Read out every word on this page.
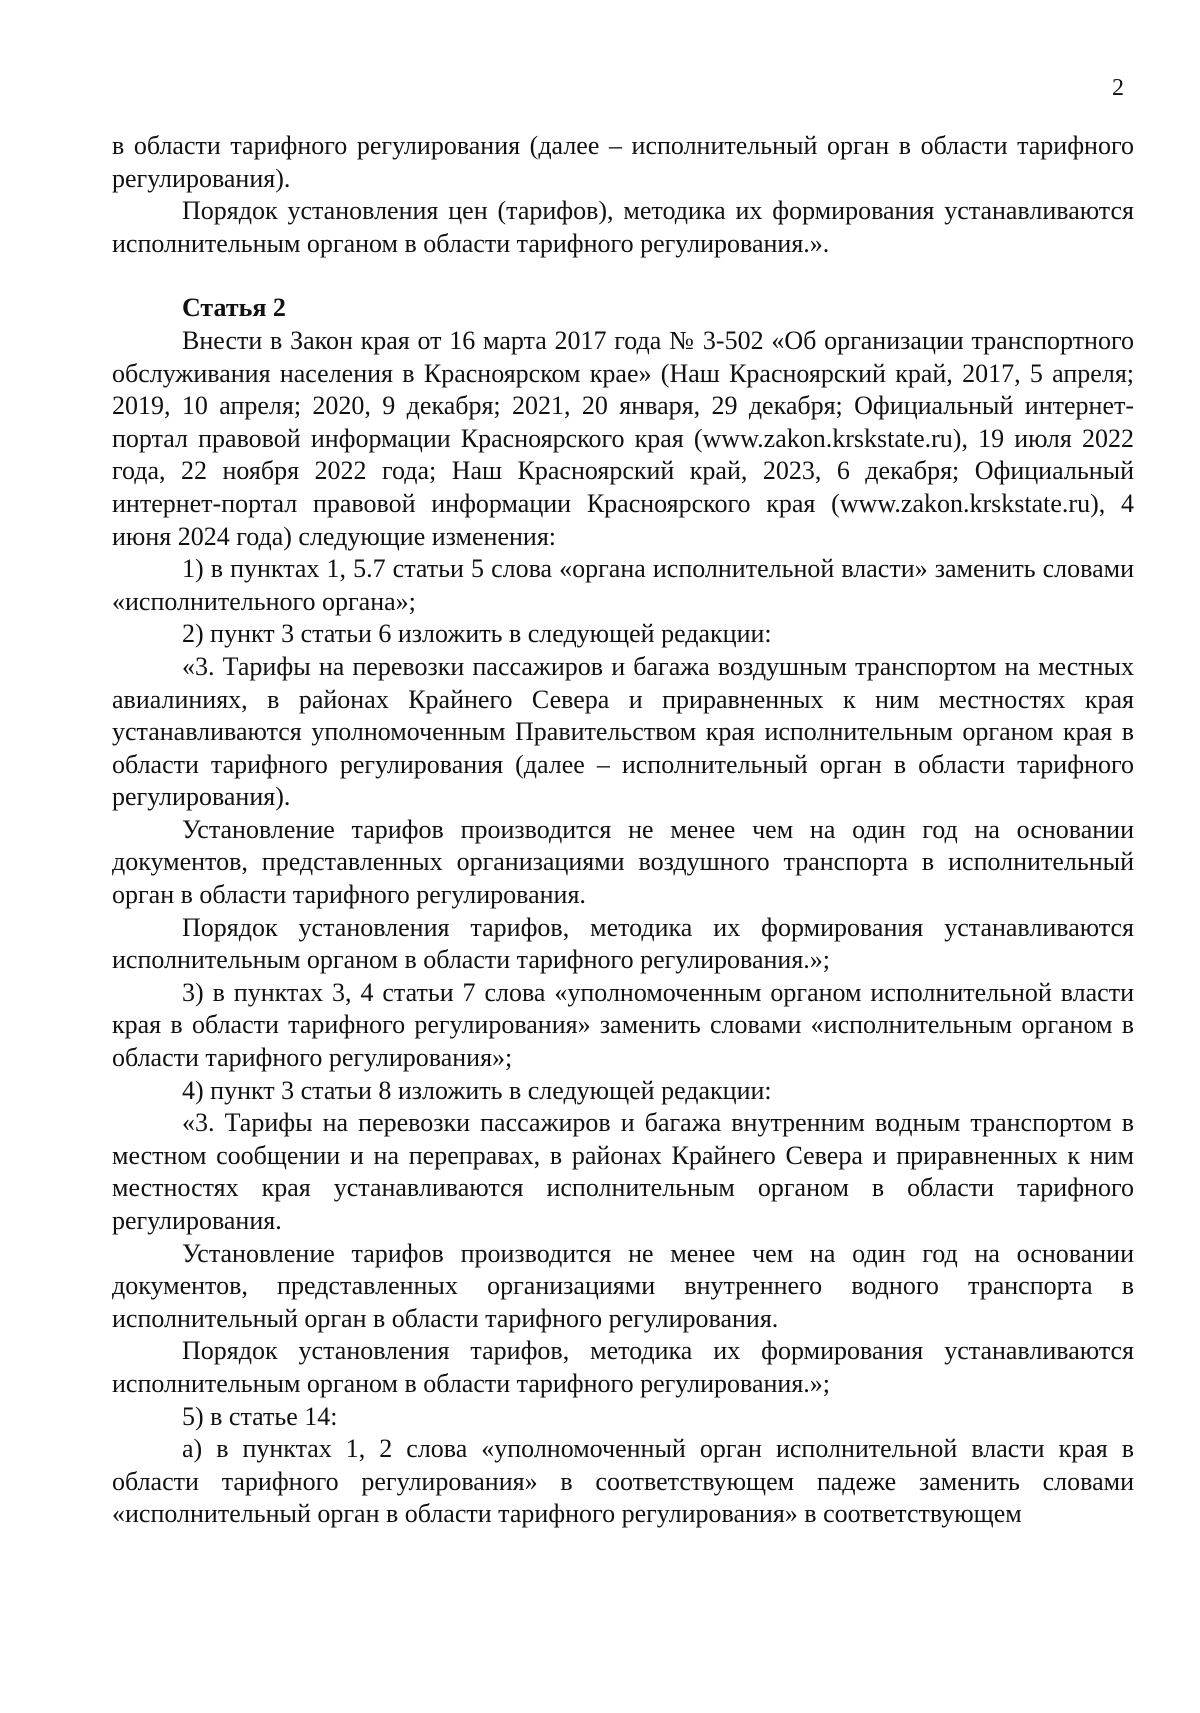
2

в области тарифного регулирования (далее – исполнительный орган в области тарифного регулирования).

Порядок установления цен (тарифов), методика их формирования устанавливаются исполнительным органом в области тарифного регулирования.».

Статья 2

Внести в Закон края от 16 марта 2017 года № 3-502 «Об организации транспортного обслуживания населения в Красноярском крае» (Наш Красноярский край, 2017, 5 апреля; 2019, 10 апреля; 2020, 9 декабря; 2021, 20 января, 29 декабря; Официальный интернет-портал правовой информации Красноярского края (www.zakon.krskstate.ru), 19 июля 2022 года, 22 ноября 2022 года; Наш Красноярский край, 2023, 6 декабря; Официальный интернет-портал правовой информации Красноярского края (www.zakon.krskstate.ru), 4 июня 2024 года) следующие изменения:

1) в пунктах 1, 5.7 статьи 5 слова «органа исполнительной власти» заменить словами «исполнительного органа»;

2) пункт 3 статьи 6 изложить в следующей редакции:

«3. Тарифы на перевозки пассажиров и багажа воздушным транспортом на местных авиалиниях, в районах Крайнего Севера и приравненных к ним местностях края устанавливаются уполномоченным Правительством края исполнительным органом края в области тарифного регулирования (далее – исполнительный орган в области тарифного регулирования).

Установление тарифов производится не менее чем на один год на основании документов, представленных организациями воздушного транспорта в исполнительный орган в области тарифного регулирования.

Порядок установления тарифов, методика их формирования устанавливаются исполнительным органом в области тарифного регулирования.»;

3) в пунктах 3, 4 статьи 7 слова «уполномоченным органом исполнительной власти края в области тарифного регулирования» заменить словами «исполнительным органом в области тарифного регулирования»;

4) пункт 3 статьи 8 изложить в следующей редакции:

«3. Тарифы на перевозки пассажиров и багажа внутренним водным транспортом в местном сообщении и на переправах, в районах Крайнего Севера и приравненных к ним местностях края устанавливаются исполнительным органом в области тарифного регулирования.

Установление тарифов производится не менее чем на один год на основании документов, представленных организациями внутреннего водного транспорта в исполнительный орган в области тарифного регулирования.

Порядок установления тарифов, методика их формирования устанавливаются исполнительным органом в области тарифного регулирования.»;

5) в статье 14:

а) в пунктах 1, 2 слова «уполномоченный орган исполнительной власти края в области тарифного регулирования» в соответствующем падеже заменить словами «исполнительный орган в области тарифного регулирования» в соответствующем
